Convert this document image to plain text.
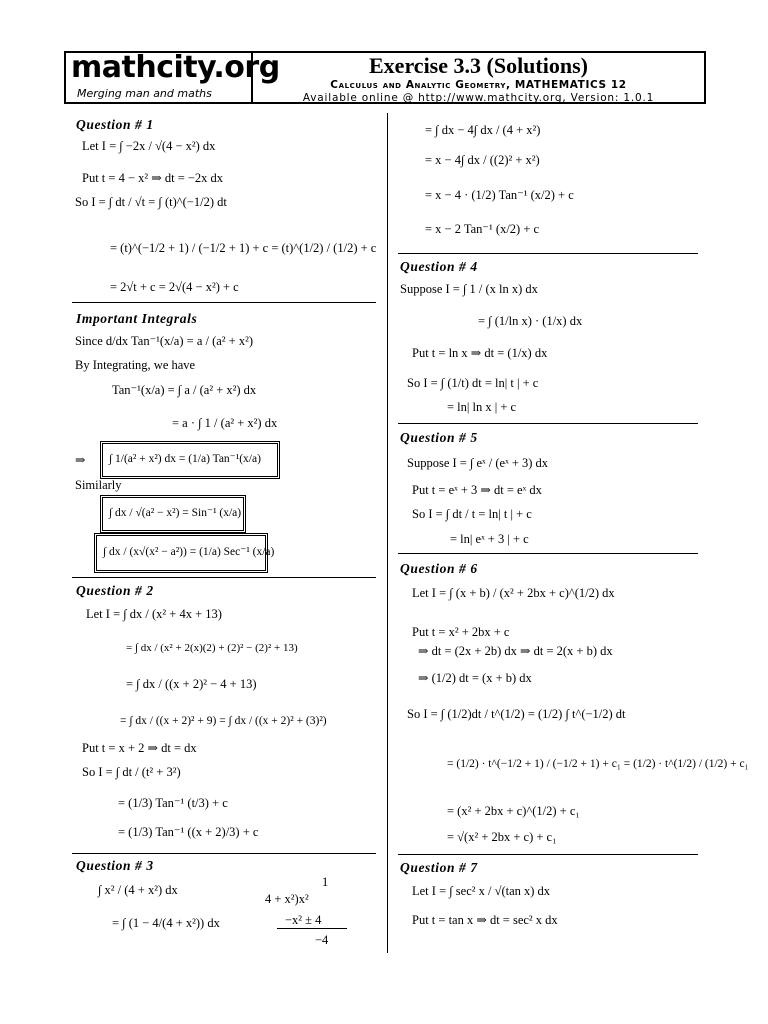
mathcity.org
Merging man and maths
Exercise 3.3 (Solutions)
Calculus and Analytic Geometry, MATHEMATICS 12
Available online @ http://www.mathcity.org, Version: 1.0.1
Question # 1
Let I = ∫ −2x / √(4 − x²) dx
Put t = 4 − x² ⇒ dt = −2x dx
So I = ∫ dt / √t = ∫ (t)^(−1/2) dt
= (t)^(−1/2 + 1) / (−1/2 + 1) + c = (t)^(1/2) / (1/2) + c
= 2√t + c = 2√(4 − x²) + c
Important Integrals
Since d/dx Tan⁻¹(x/a) = a / (a² + x²)
By Integrating, we have
Tan⁻¹(x/a) = ∫ a / (a² + x²) dx
= a · ∫ 1 / (a² + x²) dx
⇒ ∫ 1/(a² + x²) dx = (1/a) Tan⁻¹(x/a)
Similarly
∫ dx / √(a² − x²) = Sin⁻¹ (x/a)
∫ dx / (x√(x² − a²)) = (1/a) Sec⁻¹ (x/a)
Question # 2
Let I = ∫ dx / (x² + 4x + 13)
= ∫ dx / (x² + 2(x)(2) + (2)² − (2)² + 13)
= ∫ dx / ((x + 2)² − 4 + 13)
= ∫ dx / ((x + 2)² + 9) = ∫ dx / ((x + 2)² + (3)²)
Put t = x + 2 ⇒ dt = dx
So I = ∫ dt / (t² + 3²)
= (1/3) Tan⁻¹ (t/3) + c
= (1/3) Tan⁻¹ ((x + 2)/3) + c
Question # 3
∫ x² / (4 + x²) dx
= ∫ (1 − 4/(4 + x²)) dx
1
4 + x²)x²
−x² ± 4
−4
= ∫ dx − 4∫ dx / (4 + x²)
= x − 4∫ dx / ((2)² + x²)
= x − 4 · (1/2) Tan⁻¹ (x/2) + c
= x − 2 Tan⁻¹ (x/2) + c
Question # 4
Suppose I = ∫ 1 / (x ln x) dx
= ∫ (1/ln x) · (1/x) dx
Put t = ln x ⇒ dt = (1/x) dx
So I = ∫ (1/t) dt = ln| t | + c
= ln| ln x | + c
Question # 5
Suppose I = ∫ eˣ / (eˣ + 3) dx
Put t = eˣ + 3 ⇒ dt = eˣ dx
So I = ∫ dt / t = ln| t | + c
= ln| eˣ + 3 | + c
Question # 6
Let I = ∫ (x + b) / (x² + 2bx + c)^(1/2) dx
Put t = x² + 2bx + c
⇒ dt = (2x + 2b) dx ⇒ dt = 2(x + b) dx
⇒ (1/2) dt = (x + b) dx
So I = ∫ (1/2)dt / t^(1/2) = (1/2) ∫ t^(−1/2) dt
= (1/2) · t^(−1/2 + 1) / (−1/2 + 1) + c₁ = (1/2) · t^(1/2) / (1/2) + c₁
= (x² + 2bx + c)^(1/2) + c₁
= √(x² + 2bx + c) + c₁
Question # 7
Let I = ∫ sec² x / √(tan x) dx
Put t = tan x ⇒ dt = sec² x dx
